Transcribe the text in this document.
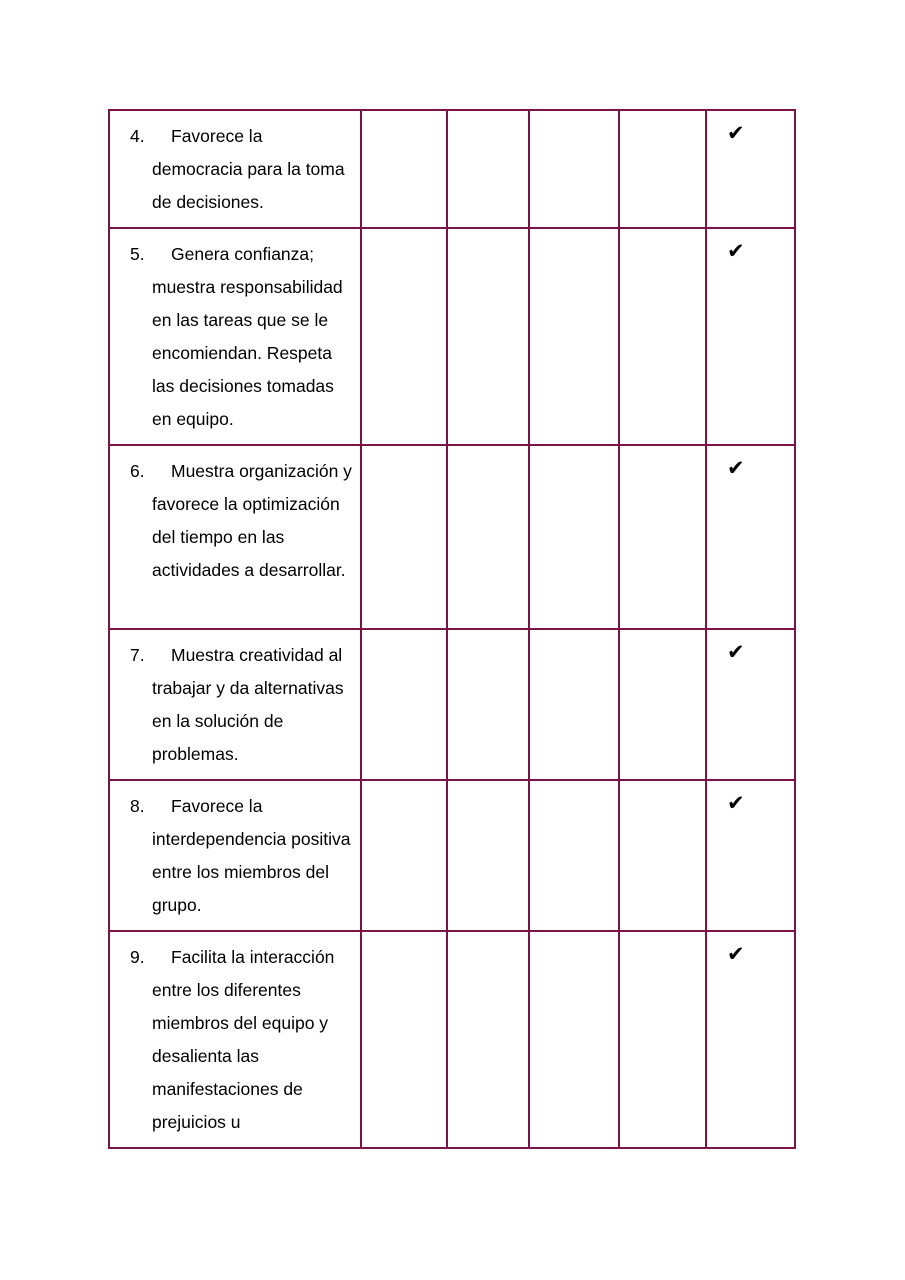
4. Favorece la democracia para la toma de decisiones.					✔

5. Genera confianza; muestra responsabilidad en las tareas que se le encomiendan. Respeta las decisiones tomadas en equipo.					✔

6. Muestra organización y favorece la optimización del tiempo en las actividades a desarrollar.					✔

7. Muestra creatividad al trabajar y da alternativas en la solución de problemas.					✔

8. Favorece la interdependencia positiva entre los miembros del grupo.					✔

9. Facilita la interacción entre los diferentes miembros del equipo y desalienta las manifestaciones de prejuicios u					✔
